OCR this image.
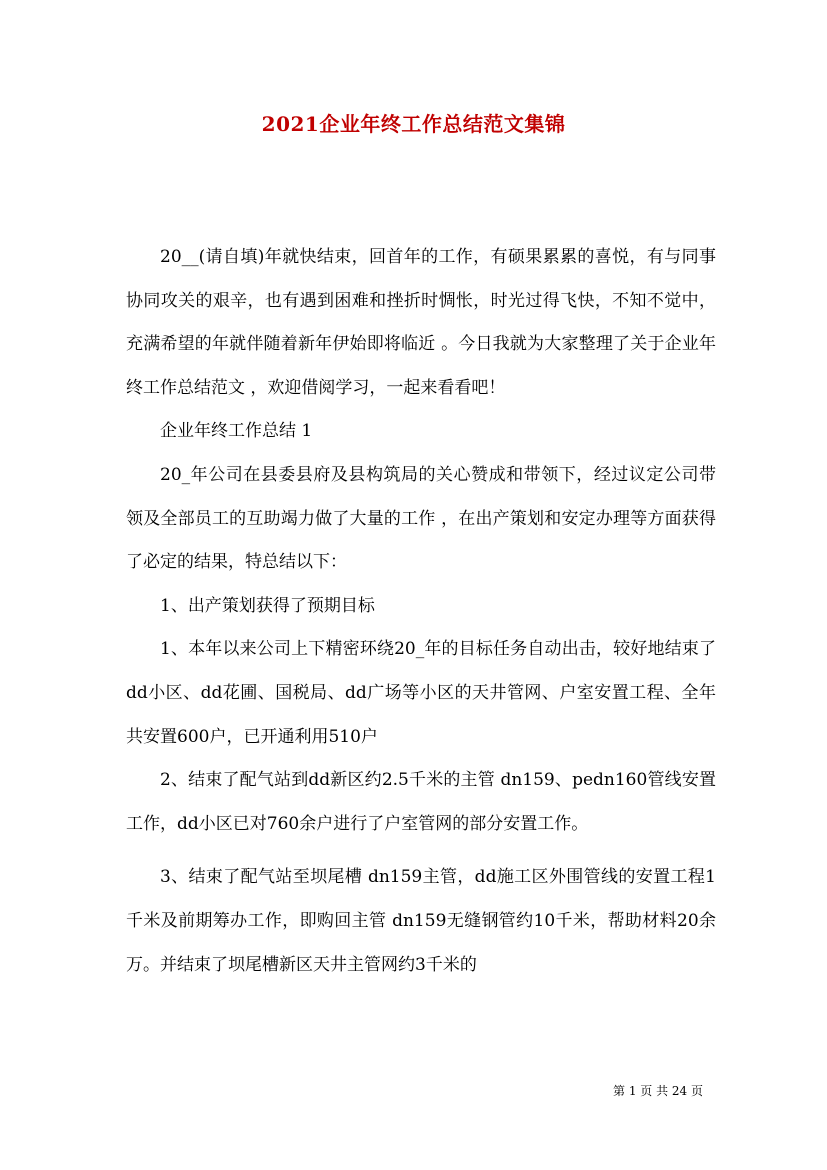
2021企业年终工作总结范文集锦

20__(请自填)年就快结束，回首年的工作，有硕果累累的喜悦，有与同事协同攻关的艰辛，也有遇到困难和挫折时惆怅，时光过得飞快，不知不觉中，充满希望的年就伴随着新年伊始即将临近 。今日我就为大家整理了关于企业年终工作总结范文 ，欢迎借阅学习，一起来看看吧！

企业年终工作总结 1

20_年公司在县委县府及县构筑局的关心赞成和带领下，经过议定公司带领及全部员工的互助竭力做了大量的工作 ，在出产策划和安定办理等方面获得了必定的结果，特总结以下：

1、出产策划获得了预期目标

1、本年以来公司上下精密环绕20_年的目标任务自动出击，较好地结束了dd小区、dd花圃、国税局、dd广场等小区的天井管网、户室安置工程、全年共安置600户，已开通利用510户

2、结束了配气站到dd新区约2.5千米的主管 dn159、pedn160管线安置工作，dd小区已对760余户进行了户室管网的部分安置工作。

3、结束了配气站至坝尾槽 dn159主管，dd施工区外围管线的安置工程1千米及前期筹办工作，即购回主管 dn159无缝钢管约10千米，帮助材料20余万。并结束了坝尾槽新区天井主管网约3千米的

第 1 页 共 24 页
